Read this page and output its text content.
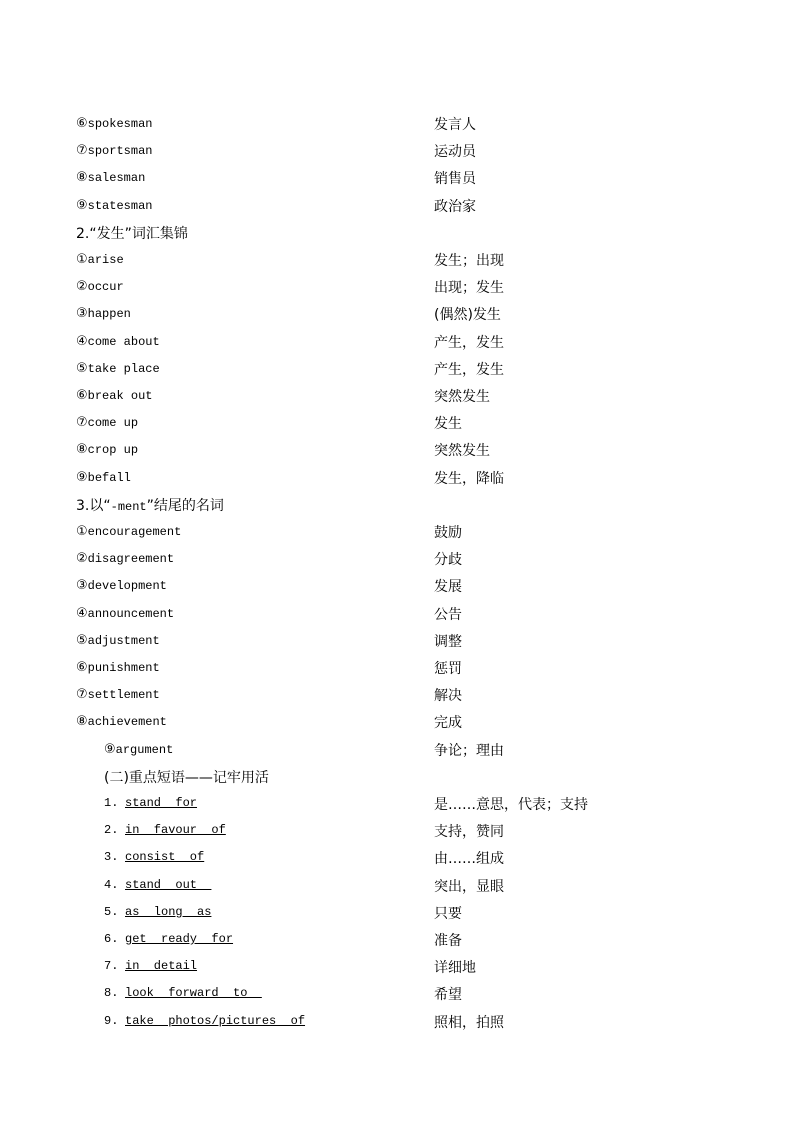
⑥spokesman	发言人
⑦sportsman	运动员
⑧salesman	销售员
⑨statesman	政治家
2.“发生”词汇集锦
①arise	发生；出现
②occur	出现；发生
③happen	(偶然)发生
④come about	产生，发生
⑤take place	产生，发生
⑥break out	突然发生
⑦come up	发生
⑧crop up	突然发生
⑨befall	发生，降临
3.以“-ment”结尾的名词
①encouragement	鼓励
②disagreement	分歧
③development	发展
④announcement	公告
⑤adjustment	调整
⑥punishment	惩罚
⑦settlement	解决
⑧achievement	完成
⑨argument	争论；理由
(二)重点短语——记牢用活
1. stand  for	是……意思，代表；支持
2. in  favour  of	支持，赞同
3. consist  of	由……组成
4. stand  out	突出，显眼
5. as  long  as	只要
6. get  ready  for	准备
7. in  detail	详细地
8. look  forward  to	希望
9. take  photos/pictures  of	照相，拍照
